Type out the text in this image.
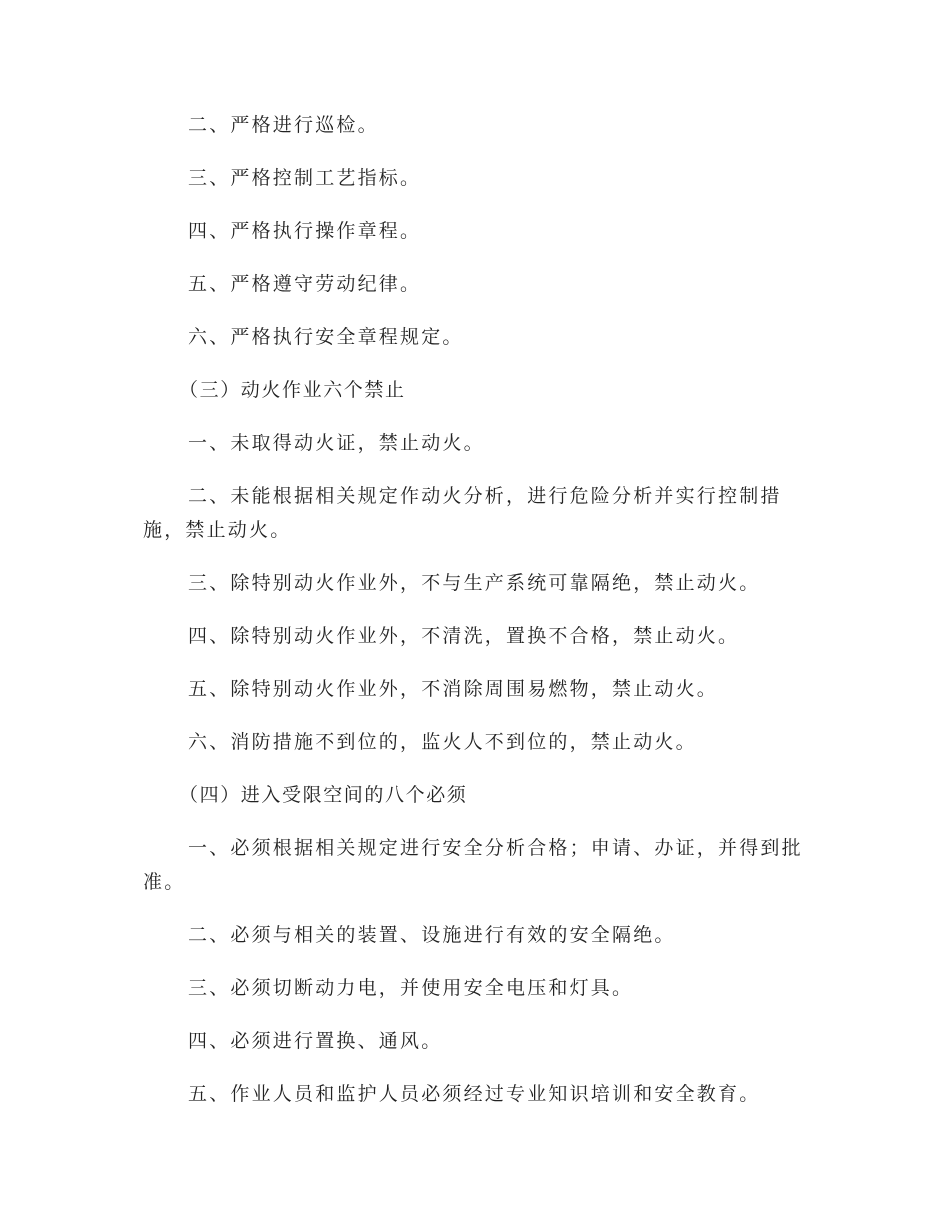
二、严格进行巡检。

三、严格控制工艺指标。

四、严格执行操作章程。

五、严格遵守劳动纪律。

六、严格执行安全章程规定。

（三）动火作业六个禁止

一、未取得动火证，禁止动火。

二、未能根据相关规定作动火分析，进行危险分析并实行控制措施，禁止动火。

三、除特别动火作业外，不与生产系统可靠隔绝，禁止动火。

四、除特别动火作业外，不清洗，置换不合格，禁止动火。

五、除特别动火作业外，不消除周围易燃物，禁止动火。

六、消防措施不到位的，监火人不到位的，禁止动火。

（四）进入受限空间的八个必须

一、必须根据相关规定进行安全分析合格；申请、办证，并得到批准。

二、必须与相关的装置、设施进行有效的安全隔绝。

三、必须切断动力电，并使用安全电压和灯具。

四、必须进行置换、通风。

五、作业人员和监护人员必须经过专业知识培训和安全教育。
